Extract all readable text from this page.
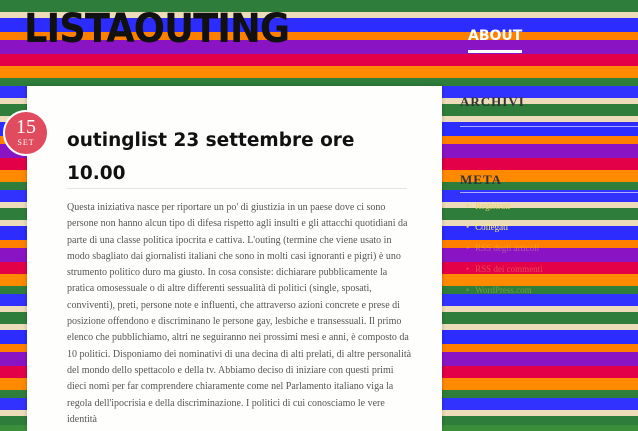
LISTAOUTING	ABOUT
15
SET	outinglist 23 settembre ore 10.00

Questa iniziativa nasce per riportare un po' di giustizia in un paese dove ci sono persone non hanno alcun tipo di difesa rispetto agli insulti e gli attacchi quotidiani da parte di una classe politica ipocrita e cattiva. L'outing (termine che viene usato in modo sbagliato dai giornalisti italiani che sono in molti casi ignoranti e pigri) è uno strumento politico duro ma giusto. In cosa consiste: dichiarare pubblicamente la pratica omosessuale o di altre differenti sessualità di politici (single, sposati, conviventi), preti, persone note e influenti, che attraverso azioni concrete e prese di posizione offendono e discriminano le persone gay, lesbiche e transessuali. Il primo elenco che pubblichiamo, altri ne seguiranno nei prossimi mesi e anni, è composto da 10 politici. Disponiamo dei nominativi di una decina di alti prelati, di altre personalità del mondo dello spettacolo e della tv. Abbiamo deciso di iniziare con questi primi dieci nomi per far comprendere chiaramente come nel Parlamento italiano viga la regola dell'ipocrisia e della discriminazione. I politici di cui conosciamo le vere identità

ARCHIVI
META
• Registrati
• Collegati
• RSS degli articoli
• RSS dei commenti
• WordPress.com
